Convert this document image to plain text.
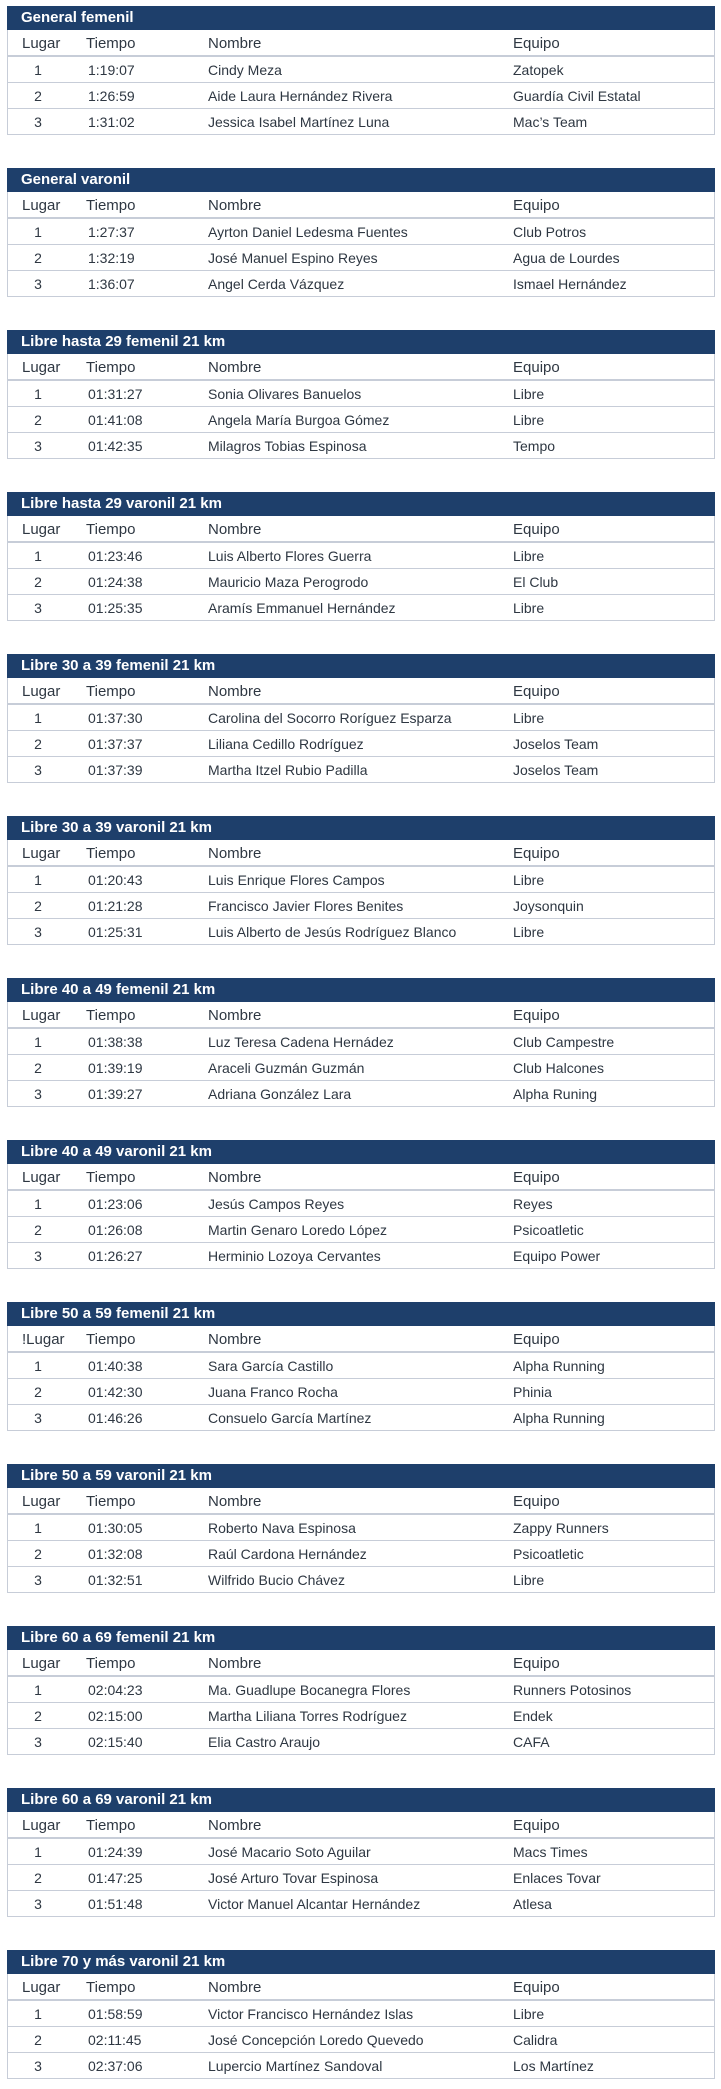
General femenil
Lugar	Tiempo	Nombre	Equipo
1	1:19:07	Cindy Meza	Zatopek
2	1:26:59	Aide Laura Hernández Rivera	Guardía Civil Estatal
3	1:31:02	Jessica Isabel Martínez Luna	Mac’s Team
General varonil
Lugar	Tiempo	Nombre	Equipo
1	1:27:37	Ayrton Daniel Ledesma Fuentes	Club Potros
2	1:32:19	José Manuel Espino Reyes	Agua de Lourdes
3	1:36:07	Angel Cerda Vázquez	Ismael Hernández
Libre hasta 29 femenil 21 km
Lugar	Tiempo	Nombre	Equipo
1	01:31:27	Sonia Olivares Banuelos	Libre
2	01:41:08	Angela María Burgoa Gómez	Libre
3	01:42:35	Milagros Tobias Espinosa	Tempo
Libre hasta 29 varonil 21 km
Lugar	Tiempo	Nombre	Equipo
1	01:23:46	Luis Alberto Flores Guerra	Libre
2	01:24:38	Mauricio Maza Perogrodo	El Club
3	01:25:35	Aramís Emmanuel Hernández	Libre
Libre 30 a 39 femenil 21 km
Lugar	Tiempo	Nombre	Equipo
1	01:37:30	Carolina del Socorro Roríguez Esparza	Libre
2	01:37:37	Liliana Cedillo Rodríguez	Joselos Team
3	01:37:39	Martha Itzel Rubio Padilla	Joselos Team
Libre 30 a 39 varonil 21 km
Lugar	Tiempo	Nombre	Equipo
1	01:20:43	Luis Enrique Flores Campos	Libre
2	01:21:28	Francisco Javier Flores Benites	Joysonquin
3	01:25:31	Luis Alberto de Jesús Rodríguez Blanco	Libre
Libre 40 a 49 femenil 21 km
Lugar	Tiempo	Nombre	Equipo
1	01:38:38	Luz Teresa Cadena Hernádez	Club Campestre
2	01:39:19	Araceli Guzmán Guzmán	Club Halcones
3	01:39:27	Adriana González Lara	Alpha Runing
Libre 40 a 49 varonil 21 km
Lugar	Tiempo	Nombre	Equipo
1	01:23:06	Jesús Campos Reyes	Reyes
2	01:26:08	Martin Genaro Loredo López	Psicoatletic
3	01:26:27	Herminio Lozoya Cervantes	Equipo Power
Libre 50 a 59 femenil 21 km
!Lugar	Tiempo	Nombre	Equipo
1	01:40:38	Sara García Castillo	Alpha Running
2	01:42:30	Juana Franco Rocha	Phinia
3	01:46:26	Consuelo García Martínez	Alpha Running
Libre 50 a 59 varonil 21 km
Lugar	Tiempo	Nombre	Equipo
1	01:30:05	Roberto Nava Espinosa	Zappy Runners
2	01:32:08	Raúl Cardona Hernández	Psicoatletic
3	01:32:51	Wilfrido Bucio Chávez	Libre
Libre 60 a 69 femenil 21 km
Lugar	Tiempo	Nombre	Equipo
1	02:04:23	Ma. Guadlupe Bocanegra Flores	Runners Potosinos
2	02:15:00	Martha Liliana Torres Rodríguez	Endek
3	02:15:40	Elia Castro Araujo	CAFA
Libre 60 a 69 varonil 21 km
Lugar	Tiempo	Nombre	Equipo
1	01:24:39	José Macario Soto Aguilar	Macs Times
2	01:47:25	José Arturo Tovar Espinosa	Enlaces Tovar
3	01:51:48	Victor Manuel Alcantar Hernández	Atlesa
Libre 70 y más varonil 21 km
Lugar	Tiempo	Nombre	Equipo
1	01:58:59	Victor Francisco Hernández Islas	Libre
2	02:11:45	José Concepción Loredo Quevedo	Calidra
3	02:37:06	Lupercio Martínez Sandoval	Los Martínez
